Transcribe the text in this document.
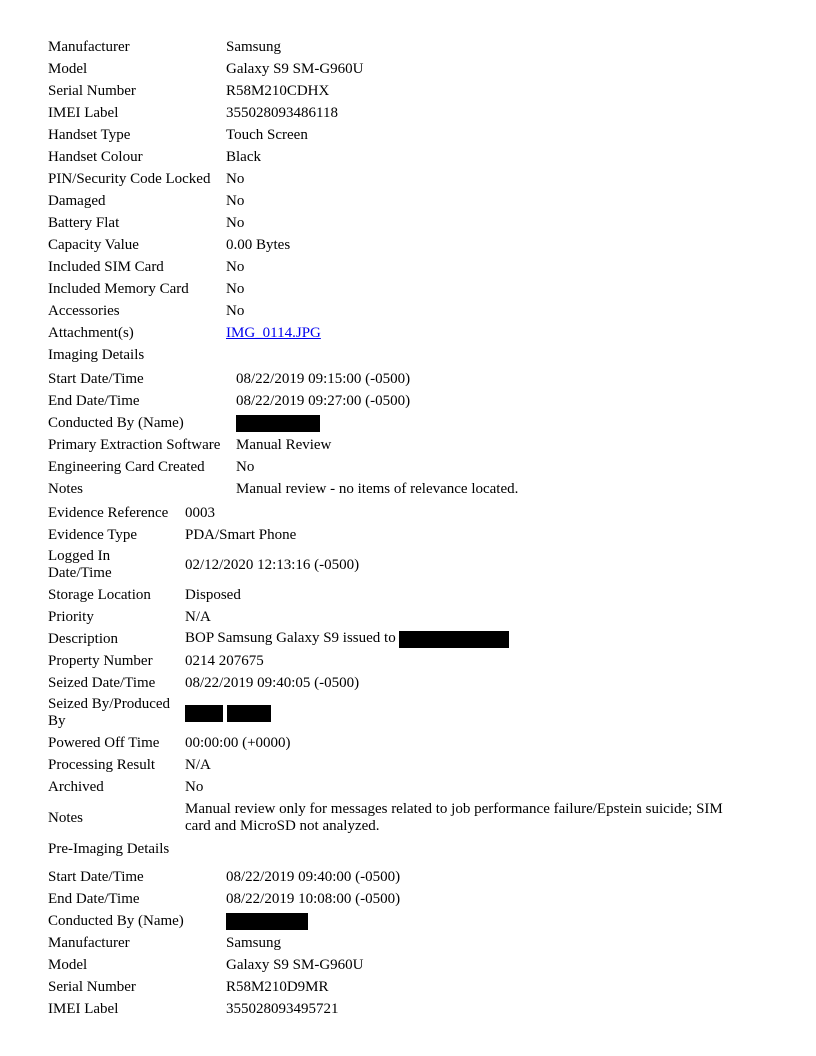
Manufacturer	Samsung
Model	Galaxy S9 SM-G960U
Serial Number	R58M210CDHX
IMEI Label	355028093486118
Handset Type	Touch Screen
Handset Colour	Black
PIN/Security Code Locked	No
Damaged	No
Battery Flat	No
Capacity Value	0.00 Bytes
Included SIM Card	No
Included Memory Card	No
Accessories	No
Attachment(s)	IMG_0114.JPG
Imaging Details	
Start Date/Time	08/22/2019 09:15:00 (-0500)
End Date/Time	08/22/2019 09:27:00 (-0500)
Conducted By (Name)	
Primary Extraction Software	Manual Review
Engineering Card Created	No
Notes	Manual review - no items of relevance located.
Evidence Reference	0003
Evidence Type	PDA/Smart Phone
Logged In
Date/Time	02/12/2020 12:13:16 (-0500)
Storage Location	Disposed
Priority	N/A
Description	BOP Samsung Galaxy S9 issued to
Property Number	0214 207675
Seized Date/Time	08/22/2019 09:40:05 (-0500)
Seized By/Produced
By	
Powered Off Time	00:00:00 (+0000)
Processing Result	N/A
Archived	No
Notes	Manual review only for messages related to job performance failure/Epstein suicide; SIM
card and MicroSD not analyzed.
Pre-Imaging Details	
Start Date/Time	08/22/2019 09:40:00 (-0500)
End Date/Time	08/22/2019 10:08:00 (-0500)
Conducted By (Name)	
Manufacturer	Samsung
Model	Galaxy S9 SM-G960U
Serial Number	R58M210D9MR
IMEI Label	355028093495721
